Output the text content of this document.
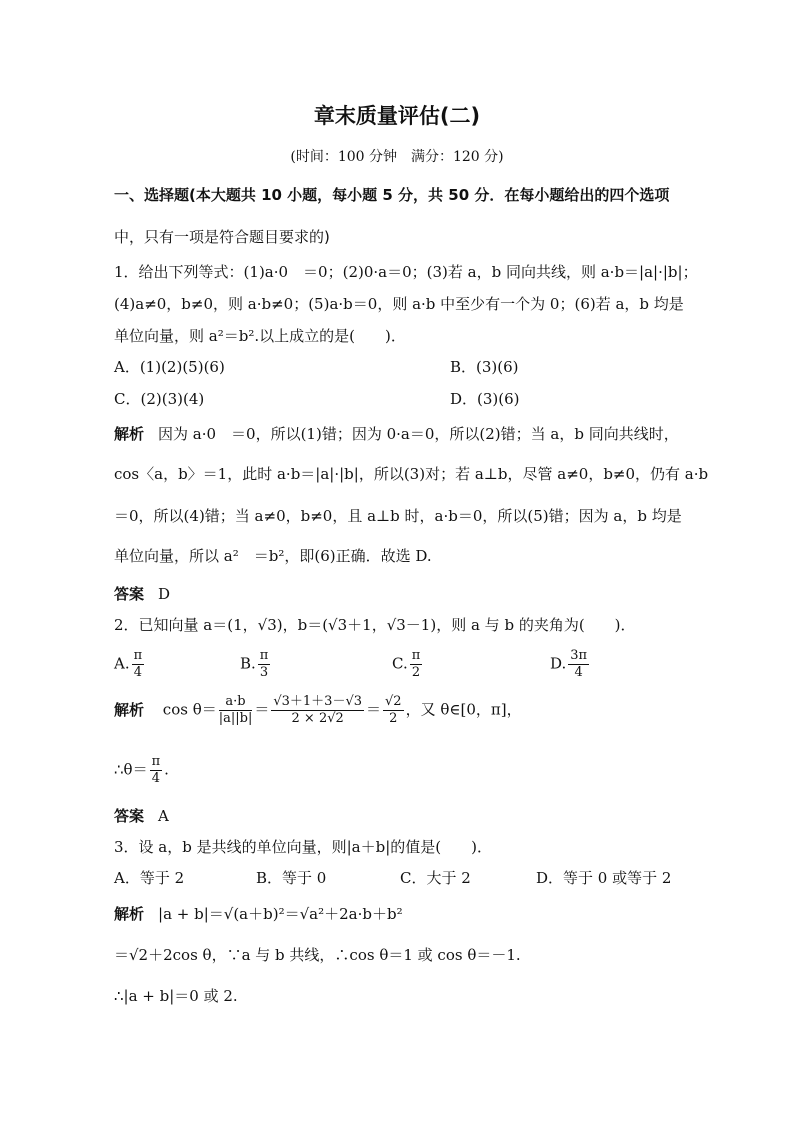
章末质量评估(二)
(时间：100 分钟　满分：120 分)
一、选择题(本大题共 10 小题，每小题 5 分，共 50 分．在每小题给出的四个选项
中，只有一项是符合题目要求的)
1．给出下列等式：(1)a·0　＝0；(2)0·a＝0；(3)若 a，b 同向共线，则 a·b＝|a|·|b|；
(4)a≠0，b≠0，则 a·b≠0；(5)a·b＝0，则 a·b 中至少有一个为 0；(6)若 a，b 均是
单位向量，则 a²＝b².以上成立的是(　　)．
A．(1)(2)(5)(6)	B．(3)(6)
C．(2)(3)(4)	D．(3)(6)
解析 因为 a·0　＝0，所以(1)错；因为 0·a＝0，所以(2)错；当 a，b 同向共线时，
cos〈a，b〉＝1，此时 a·b＝|a|·|b|，所以(3)对；若 a⊥b，尽管 a≠0，b≠0，仍有 a·b
＝0，所以(4)错；当 a≠0，b≠0，且 a⊥b 时，a·b＝0，所以(5)错；因为 a，b 均是
单位向量，所以 a²　＝b²，即(6)正确．故选 D.
答案 D
2．已知向量 a＝(1，√3)，b＝(√3＋1，√3－1)，则 a 与 b 的夹角为(　　)．
A. $\frac{\pi}{4}$	B. $\frac{\pi}{3}$	C. $\frac{\pi}{2}$	D. $\frac{3\pi}{4}$
解析 $\cos \theta= \frac{a\cdot b}{|a||b|} = \frac{√3+1+3-√3}{2 \times 2√2} = \frac{√2}{2}$ ，又 θ∈[0，π]，
∴θ＝ $\frac{\pi}{4}$ .
答案 A
3．设 a，b 是共线的单位向量，则|a＋b|的值是(　　)．
A．等于 2	B．等于 0	C．大于 2	D．等于 0 或等于 2
解析 |a + b|＝√(a＋b)²＝√a²＋2a·b＋b²
＝√2＋2cos θ，∵a 与 b 共线，∴cos θ＝1 或 cos θ＝－1.
∴|a + b|＝0 或 2.
